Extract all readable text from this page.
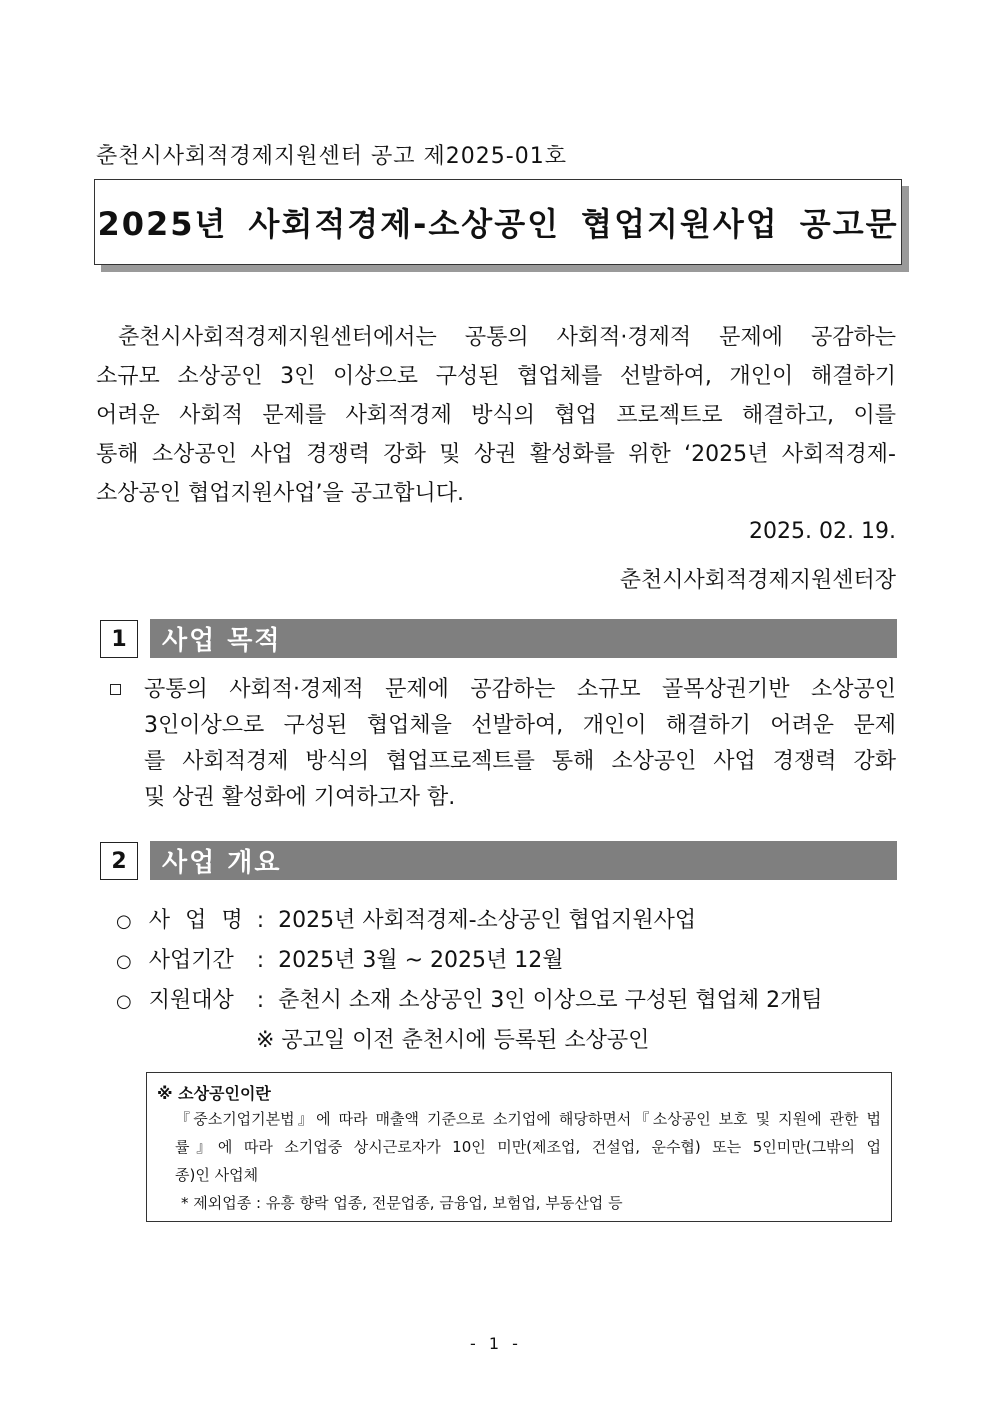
춘천시사회적경제지원센터 공고 제2025-01호
2025년 사회적경제-소상공인 협업지원사업 공고문
춘천시사회적경제지원센터에서는 공통의 사회적·경제적 문제에 공감하는
소규모 소상공인 3인 이상으로 구성된 협업체를 선발하여, 개인이 해결하기
어려운 사회적 문제를 사회적경제 방식의 협업 프로젝트로 해결하고, 이를
통해 소상공인 사업 경쟁력 강화 및 상권 활성화를 위한 ‘2025년 사회적경제-
소상공인 협업지원사업’을 공고합니다.
2025. 02. 19.
춘천시사회적경제지원센터장
1	사업 목적
공통의 사회적·경제적 문제에 공감하는 소규모 골목상권기반 소상공인
3인이상으로 구성된 협업체을 선발하여, 개인이 해결하기 어려운 문제
를 사회적경제 방식의 협업프로젝트를 통해 소상공인 사업 경쟁력 강화
및 상권 활성화에 기여하고자 함.
2	사업 개요
○ 사 업 명  :  2025년 사회적경제-소상공인 협업지원사업
○ 사업기간  :  2025년 3월 ~ 2025년 12월
○ 지원대상  :  춘천시 소재 소상공인 3인 이상으로 구성된 협업체 2개팀
※ 공고일 이전 춘천시에 등록된 소상공인
※ 소상공인이란
『중소기업기본법』에 따라 매출액 기준으로 소기업에 해당하면서『소상공인 보호 및 지원에 관한 법
률』에 따라 소기업중 상시근로자가 10인 미만(제조업, 건설업, 운수협) 또는 5인미만(그밖의 업
종)인 사업체
* 제외업종 : 유흥 향락 업종, 전문업종, 금융업, 보험업, 부동산업 등
- 1 -
